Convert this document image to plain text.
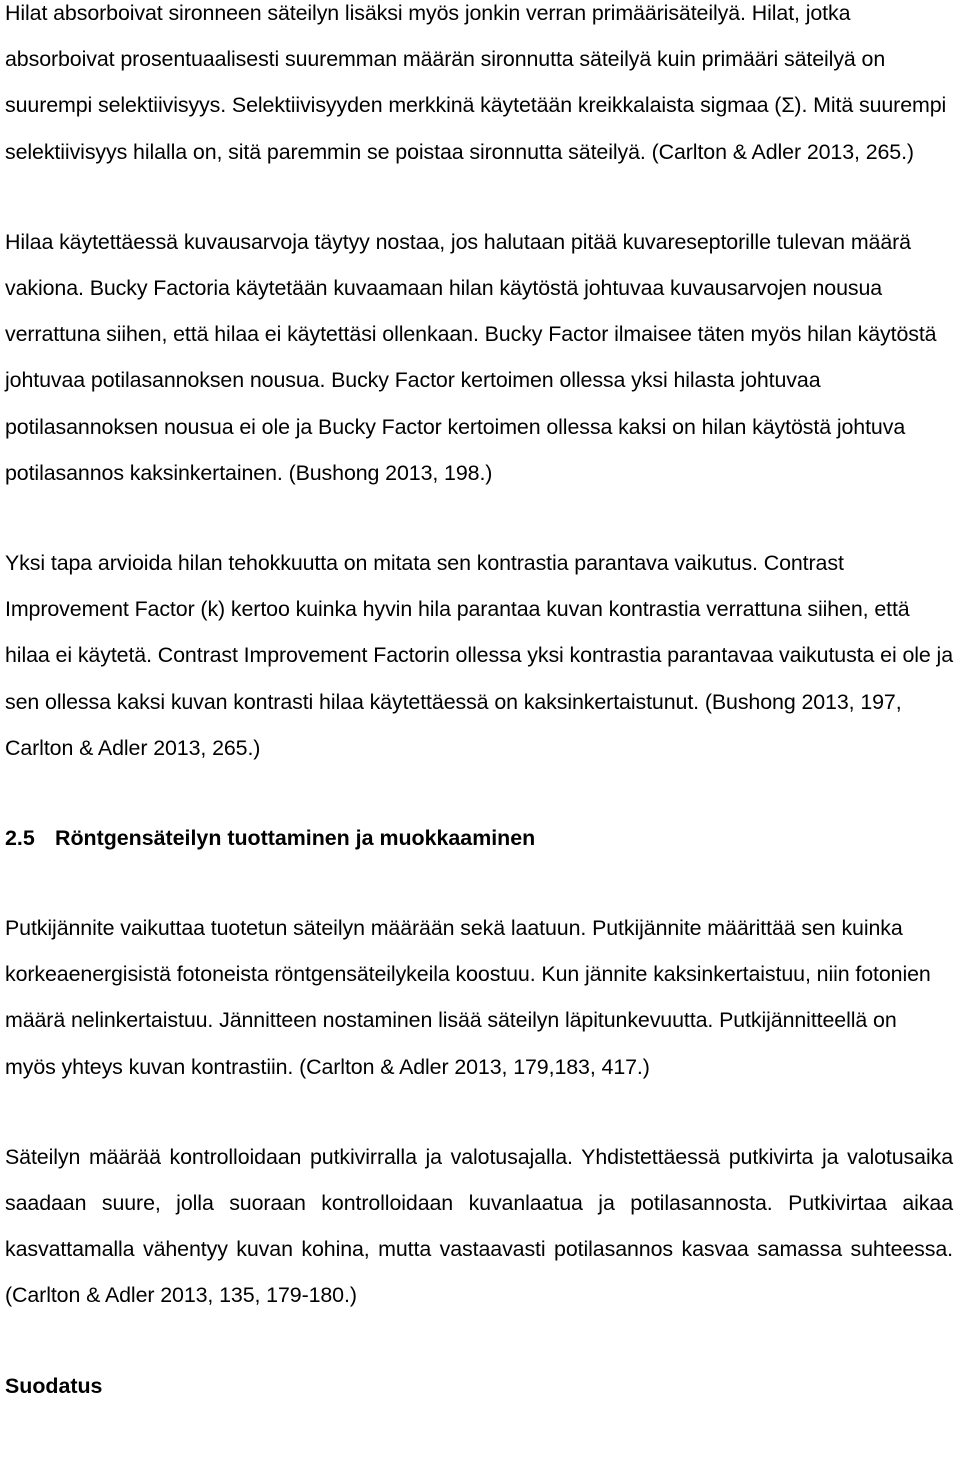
Hilat absorboivat sironneen säteilyn lisäksi myös jonkin verran primäärisäteilyä. Hilat, jotka absorboivat prosentuaalisesti suuremman määrän sironnutta säteilyä kuin primääri säteilyä on suurempi selektiivisyys. Selektiivisyyden merkkinä käytetään kreikkalaista sigmaa (Σ). Mitä suurempi selektiivisyys hilalla on, sitä paremmin se poistaa sironnutta säteilyä. (Carlton & Adler 2013, 265.)

Hilaa käytettäessä kuvausarvoja täytyy nostaa, jos halutaan pitää kuvareseptorille tulevan määrä vakiona. Bucky Factoria käytetään kuvaamaan hilan käytöstä johtuvaa kuvausarvojen nousua verrattuna siihen, että hilaa ei käytettäsi ollenkaan. Bucky Factor ilmaisee täten myös hilan käytöstä johtuvaa potilasannoksen nousua. Bucky Factor kertoimen ollessa yksi hilasta johtuvaa potilasannoksen nousua ei ole ja Bucky Factor kertoimen ollessa kaksi on hilan käytöstä johtuva potilasannos kaksinkertainen. (Bushong 2013, 198.)

Yksi tapa arvioida hilan tehokkuutta on mitata sen kontrastia parantava vaikutus. Contrast Improvement Factor (k) kertoo kuinka hyvin hila parantaa kuvan kontrastia verrattuna siihen, että hilaa ei käytetä. Contrast Improvement Factorin ollessa yksi kontrastia parantavaa vaikutusta ei ole ja sen ollessa kaksi kuvan kontrasti hilaa käytettäessä on kaksinkertaistunut. (Bushong 2013, 197, Carlton & Adler 2013, 265.)

2.5 Röntgensäteilyn tuottaminen ja muokkaaminen

Putkijännite vaikuttaa tuotetun säteilyn määrään sekä laatuun. Putkijännite määrittää sen kuinka korkeaenergisistä fotoneista röntgensäteilykeila koostuu. Kun jännite kaksinkertaistuu, niin fotonien määrä nelinkertaistuu. Jännitteen nostaminen lisää säteilyn läpitunkevuutta. Putkijännitteellä on myös yhteys kuvan kontrastiin. (Carlton & Adler 2013, 179,183, 417.)

Säteilyn määrää kontrolloidaan putkivirralla ja valotusajalla. Yhdistettäessä putkivirta ja valotusaika saadaan suure, jolla suoraan kontrolloidaan kuvanlaatua ja potilasannosta. Putkivirtaa aikaa kasvattamalla vähentyy kuvan kohina, mutta vastaavasti potilasannos kasvaa samassa suhteessa. (Carlton & Adler 2013, 135, 179-180.)

Suodatus
